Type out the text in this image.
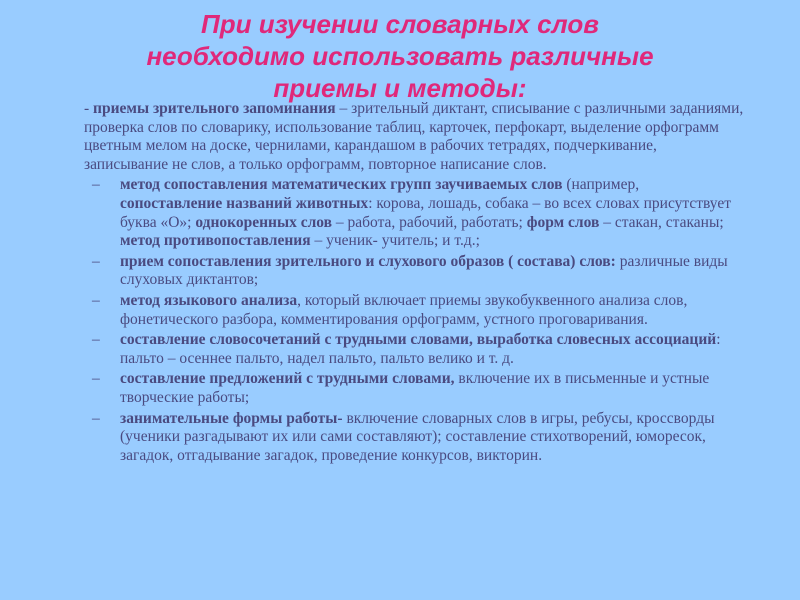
При изучении словарных слов
необходимо использовать различные
приемы и методы:

- приемы зрительного запоминания – зрительный диктант, списывание с различными заданиями, проверка слов по словарику, использование таблиц, карточек, перфокарт, выделение орфограмм цветным мелом на доске, чернилами, карандашом в рабочих тетрадях, подчеркивание, записывание не слов, а только орфограмм, повторное написание слов.

– метод сопоставления математических групп заучиваемых слов (например, сопоставление названий животных: корова, лошадь, собака – во всех словах присутствует буква «О»; однокоренных слов – работа, рабочий, работать; форм слов – стакан, стаканы; метод противопоставления – ученик- учитель; и т.д.;
– прием сопоставления зрительного и слухового образов ( состава) слов: различные виды слуховых диктантов;
– метод языкового анализа, который включает приемы звукобуквенного анализа слов, фонетического разбора, комментирования орфограмм, устного проговаривания.
– составление словосочетаний с трудными словами, выработка словесных ассоциаций: пальто – осеннее пальто, надел пальто, пальто велико и т. д.
– составление предложений с трудными словами, включение их в письменные и устные творческие работы;
– занимательные формы работы- включение словарных слов в игры, ребусы, кроссворды (ученики разгадывают их или сами составляют); составление стихотворений, юморесок, загадок, отгадывание загадок, проведение конкурсов, викторин.
